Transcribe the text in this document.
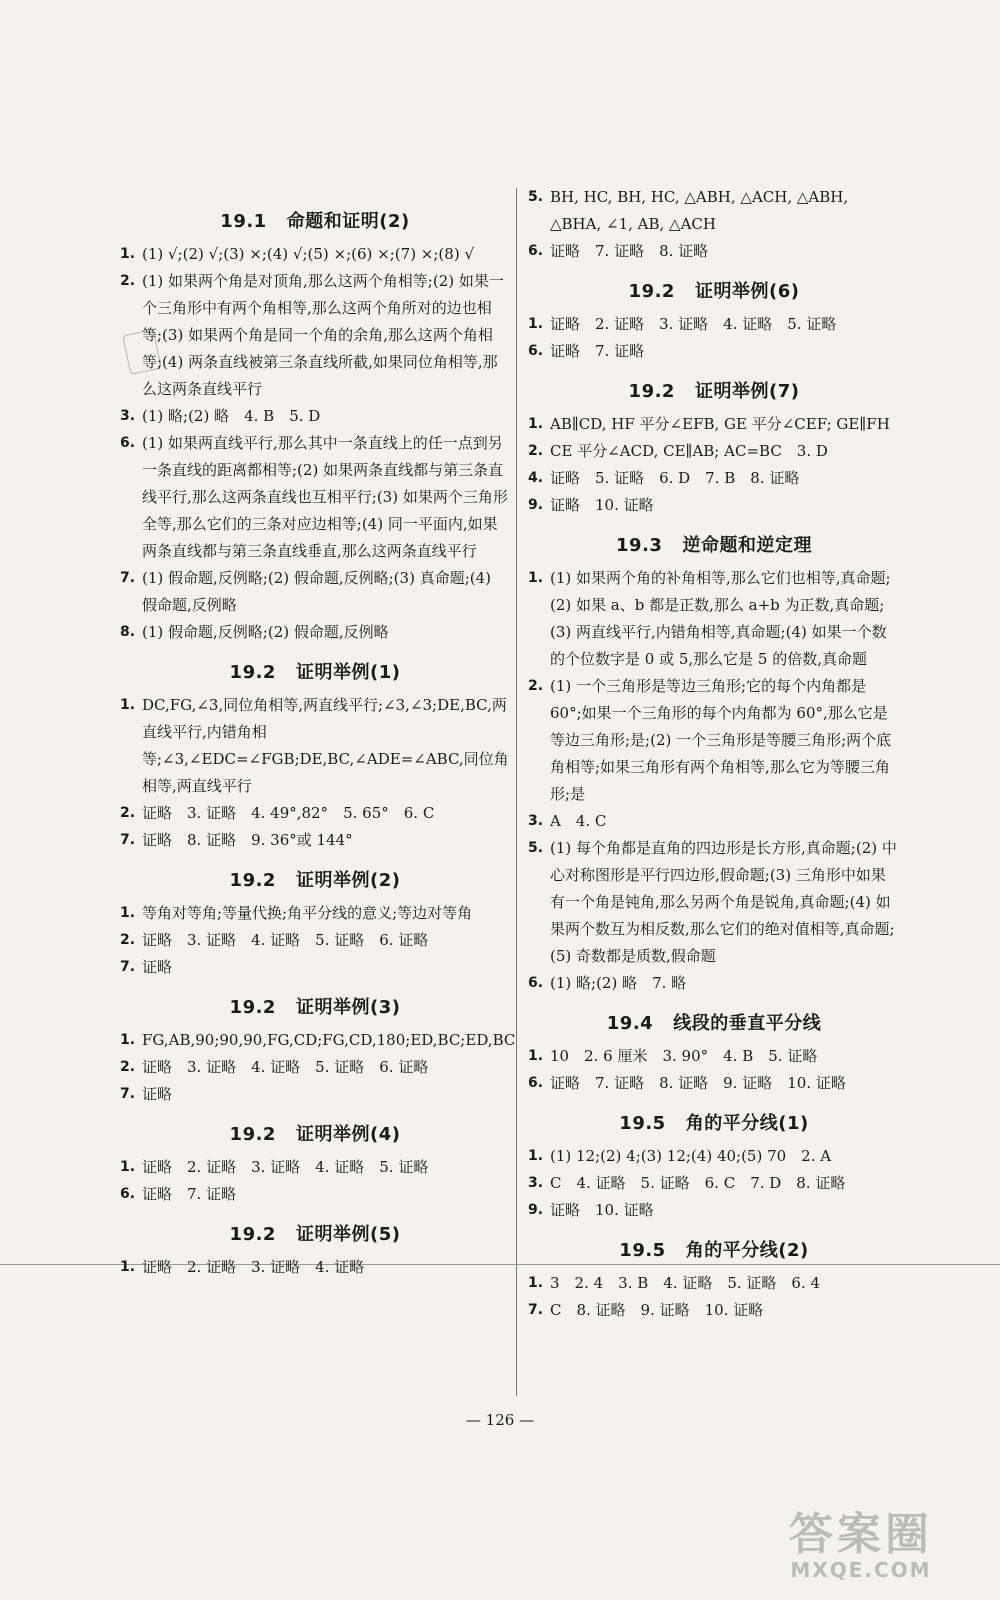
19.1 命题和证明(2)

1. (1) √;(2) √;(3) ×;(4) √;(5) ×;(6) ×;(7) ×;(8) √

2. (1) 如果两个角是对顶角,那么这两个角相等;(2) 如果一个三角形中有两个角相等,那么这两个角所对的边也相等;(3) 如果两个角是同一个角的余角,那么这两个角相等;(4) 两条直线被第三条直线所截,如果同位角相等,那么这两条直线平行

3. (1) 略;(2) 略　4. B　5. D

6. (1) 如果两直线平行,那么其中一条直线上的任一点到另一条直线的距离都相等;(2) 如果两条直线都与第三条直线平行,那么这两条直线也互相平行;(3) 如果两个三角形全等,那么它们的三条对应边相等;(4) 同一平面内,如果两条直线都与第三条直线垂直,那么这两条直线平行

7. (1) 假命题,反例略;(2) 假命题,反例略;(3) 真命题;(4) 假命题,反例略

8. (1) 假命题,反例略;(2) 假命题,反例略

19.2 证明举例(1)

1. DC,FG,∠3,同位角相等,两直线平行;∠3,∠3;DE,BC,两直线平行,内错角相等;∠3,∠EDC=∠FGB;DE,BC,∠ADE=∠ABC,同位角相等,两直线平行

2. 证略　3. 证略　4. 49°,82°　5. 65°　6. C

7. 证略　8. 证略　9. 36°或 144°

19.2 证明举例(2)

1. 等角对等角;等量代换;角平分线的意义;等边对等角

2. 证略　3. 证略　4. 证略　5. 证略　6. 证略

7. 证略

19.2 证明举例(3)

1. FG,AB,90;90,90,FG,CD;FG,CD,180;ED,BC;ED,BC

2. 证略　3. 证略　4. 证略　5. 证略　6. 证略

7. 证略

19.2 证明举例(4)

1. 证略　2. 证略　3. 证略　4. 证略　5. 证略

6. 证略　7. 证略

19.2 证明举例(5)

1. 证略　2. 证略　3. 证略　4. 证略

5. BH, HC, BH, HC, △ABH, △ACH, △ABH, △BHA, ∠1, AB, △ACH

6. 证略　7. 证略　8. 证略

19.2 证明举例(6)

1. 证略　2. 证略　3. 证略　4. 证略　5. 证略

6. 证略　7. 证略

19.2 证明举例(7)

1. AB∥CD, HF 平分∠EFB, GE 平分∠CEF; GE∥FH

2. CE 平分∠ACD, CE∥AB; AC=BC　3. D

4. 证略　5. 证略　6. D　7. B　8. 证略

9. 证略　10. 证略

19.3 逆命题和逆定理

1. (1) 如果两个角的补角相等,那么它们也相等,真命题;(2) 如果 a、b 都是正数,那么 a+b 为正数,真命题;(3) 两直线平行,内错角相等,真命题;(4) 如果一个数的个位数字是 0 或 5,那么它是 5 的倍数,真命题

2. (1) 一个三角形是等边三角形;它的每个内角都是 60°;如果一个三角形的每个内角都为 60°,那么它是等边三角形;是;(2) 一个三角形是等腰三角形;两个底角相等;如果三角形有两个角相等,那么它为等腰三角形;是

3. A　4. C

5. (1) 每个角都是直角的四边形是长方形,真命题;(2) 中心对称图形是平行四边形,假命题;(3) 三角形中如果有一个角是钝角,那么另两个角是锐角,真命题;(4) 如果两个数互为相反数,那么它们的绝对值相等,真命题;(5) 奇数都是质数,假命题

6. (1) 略;(2) 略　7. 略

19.4 线段的垂直平分线

1. 10　2. 6 厘米　3. 90°　4. B　5. 证略

6. 证略　7. 证略　8. 证略　9. 证略　10. 证略

19.5 角的平分线(1)

1. (1) 12;(2) 4;(3) 12;(4) 40;(5) 70　2. A

3. C　4. 证略　5. 证略　6. C　7. D　8. 证略

9. 证略　10. 证略

19.5 角的平分线(2)

1. 3　2. 4　3. B　4. 证略　5. 证略　6. 4

7. C　8. 证略　9. 证略　10. 证略

— 126 —
答案圈
MXQE.COM
